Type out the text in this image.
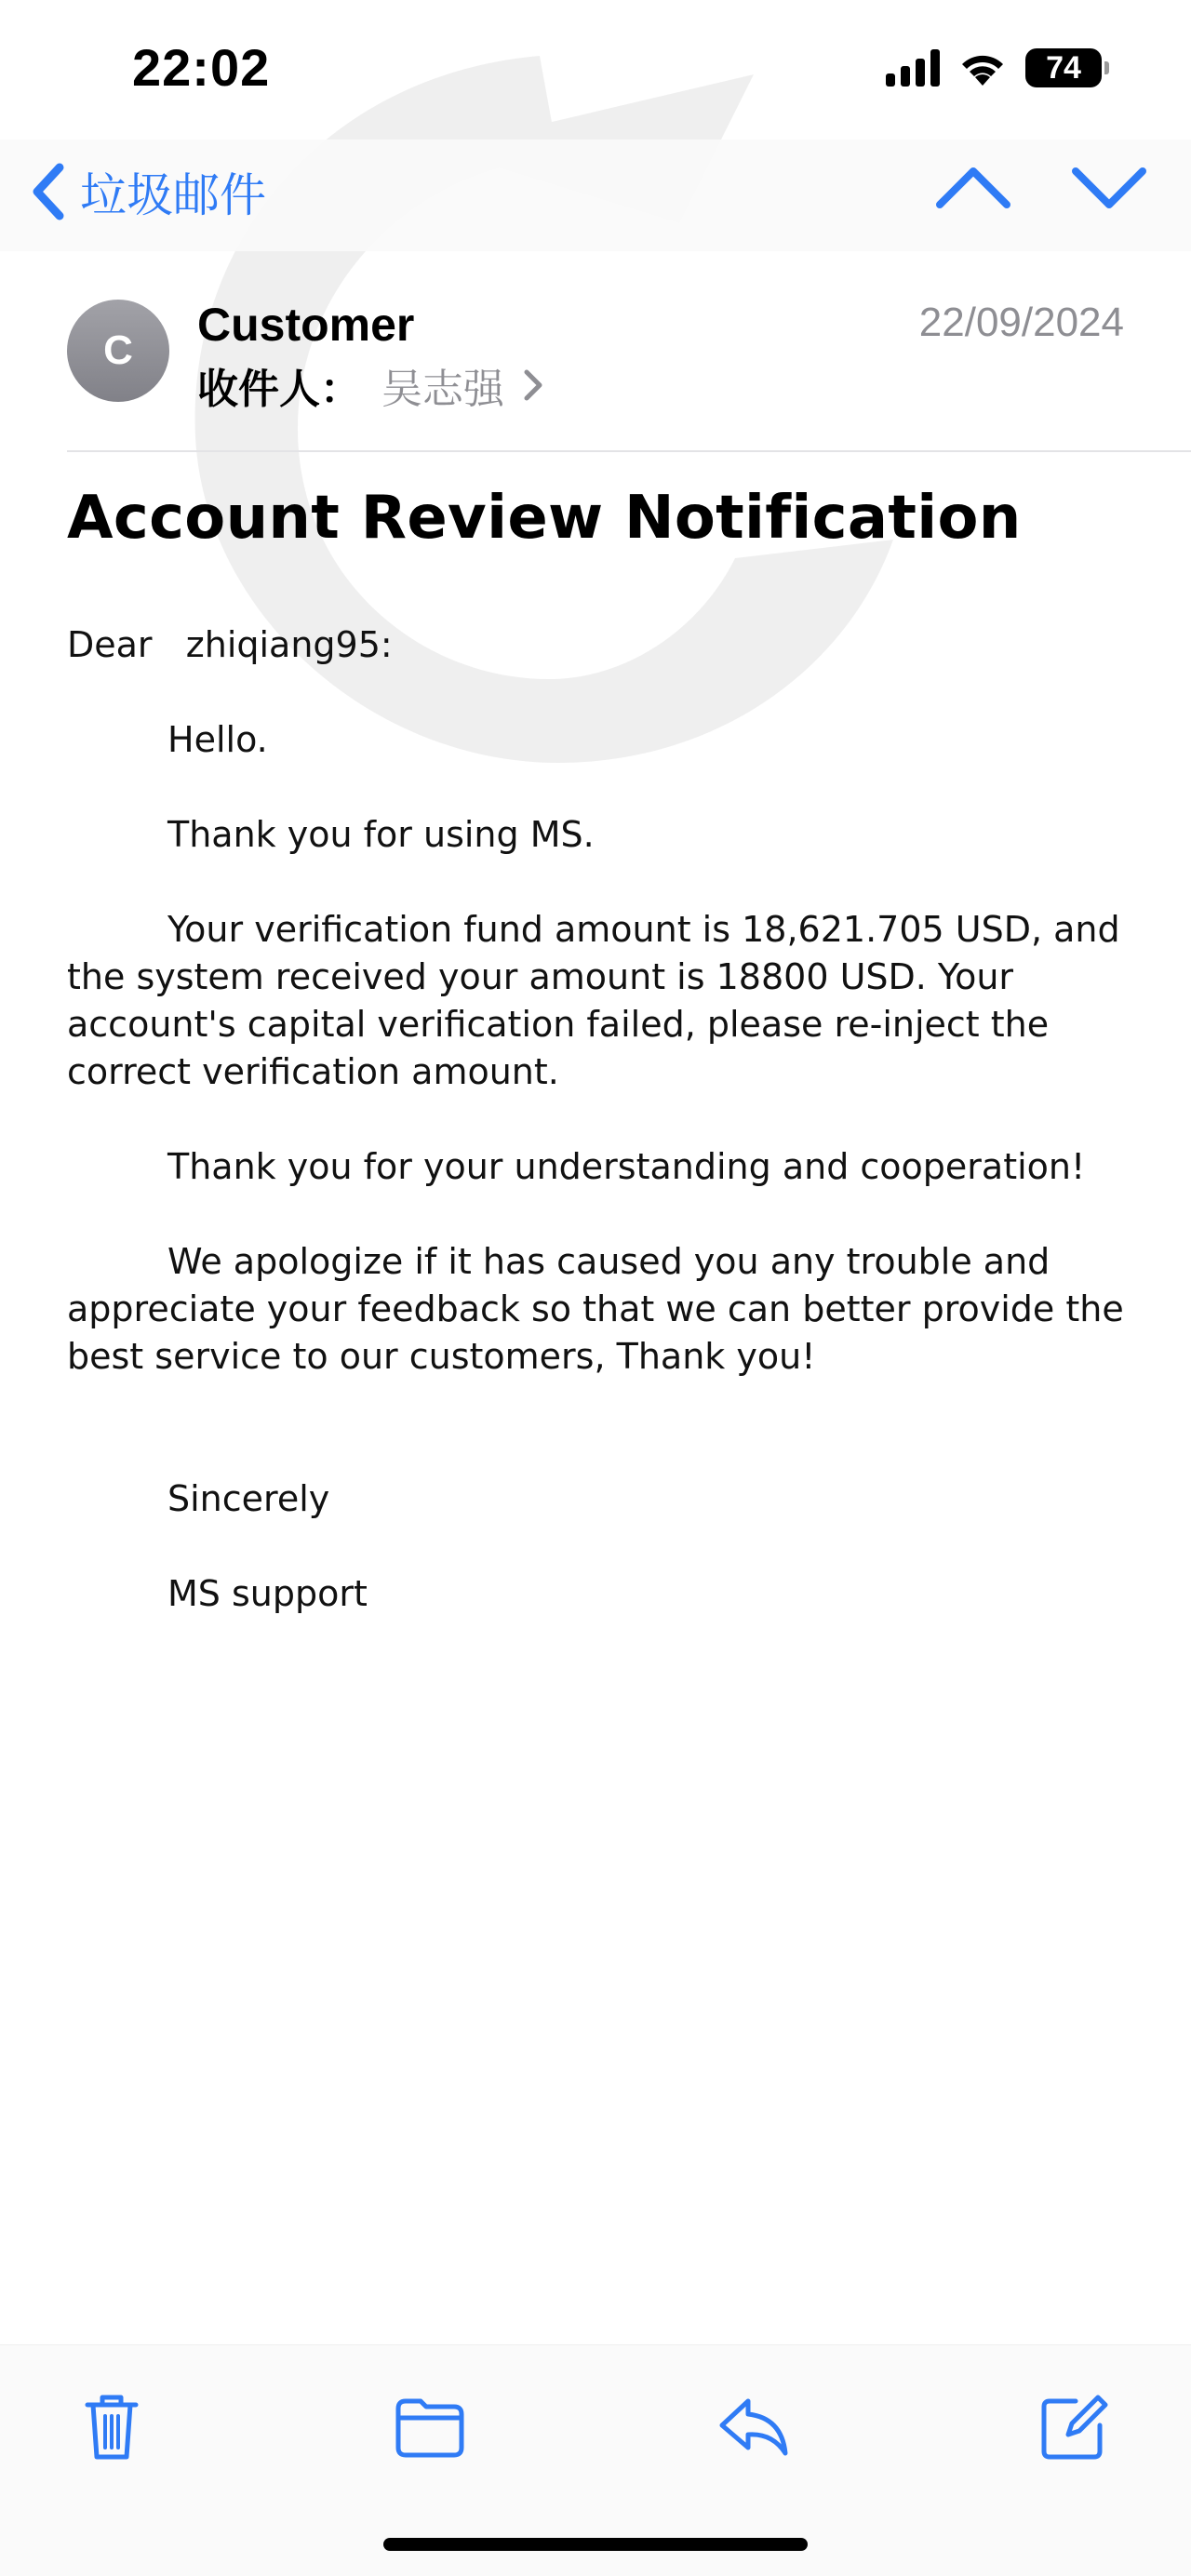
22:02	74
垃圾邮件
C	Customer	22/09/2024
收件人： 吴志强
Account Review Notification

Dear   zhiqiang95:

Hello.

Thank you for using MS.

Your verification fund amount is 18,621.705 USD, and the system received your amount is 18800 USD. Your account's capital verification failed, please re-inject the correct verification amount.

Thank you for your understanding and cooperation!

We apologize if it has caused you any trouble and appreciate your feedback so that we can better provide the best service to our customers, Thank you!

Sincerely

MS support
